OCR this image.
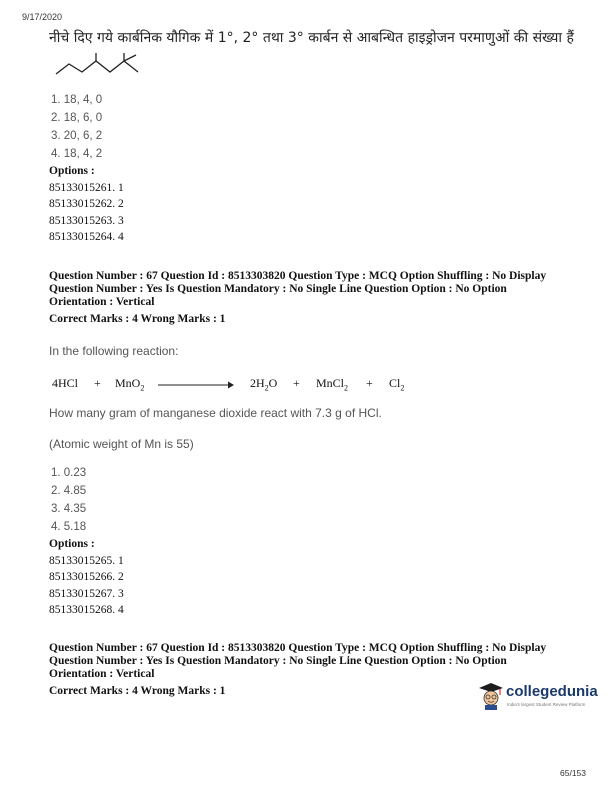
9/17/2020
नीचे दिए गये कार्बनिक यौगिक में 1°, 2° तथा 3° कार्बन से आबन्धित हाइड्रोजन परमाणुओं की संख्या हैं
1. 18, 4, 0
2. 18, 6, 0
3. 20, 6, 2
4. 18, 4, 2
Options :
85133015261. 1
85133015262. 2
85133015263. 3
85133015264. 4
Question Number : 67 Question Id : 8513303820 Question Type : MCQ Option Shuffling : No Display
Question Number : Yes Is Question Mandatory : No Single Line Question Option : No Option
Orientation : Vertical
Correct Marks : 4 Wrong Marks : 1
In the following reaction:
4HCl + MnO$_2$	$2H_2O$ + MnCl$_2$ + $Cl_2$
How many gram of manganese dioxide react with 7.3 g of HCl.
(Atomic weight of Mn is 55)
1. 0.23
2. 4.85
3. 4.35
4. 5.18
Options :
85133015265. 1
85133015266. 2
85133015267. 3
85133015268. 4
Question Number : 67 Question Id : 8513303820 Question Type : MCQ Option Shuffling : No Display
Question Number : Yes Is Question Mandatory : No Single Line Question Option : No Option
Orientation : Vertical
Correct Marks : 4 Wrong Marks : 1	collegedunia
India's largest Student Review Platform
65/153
